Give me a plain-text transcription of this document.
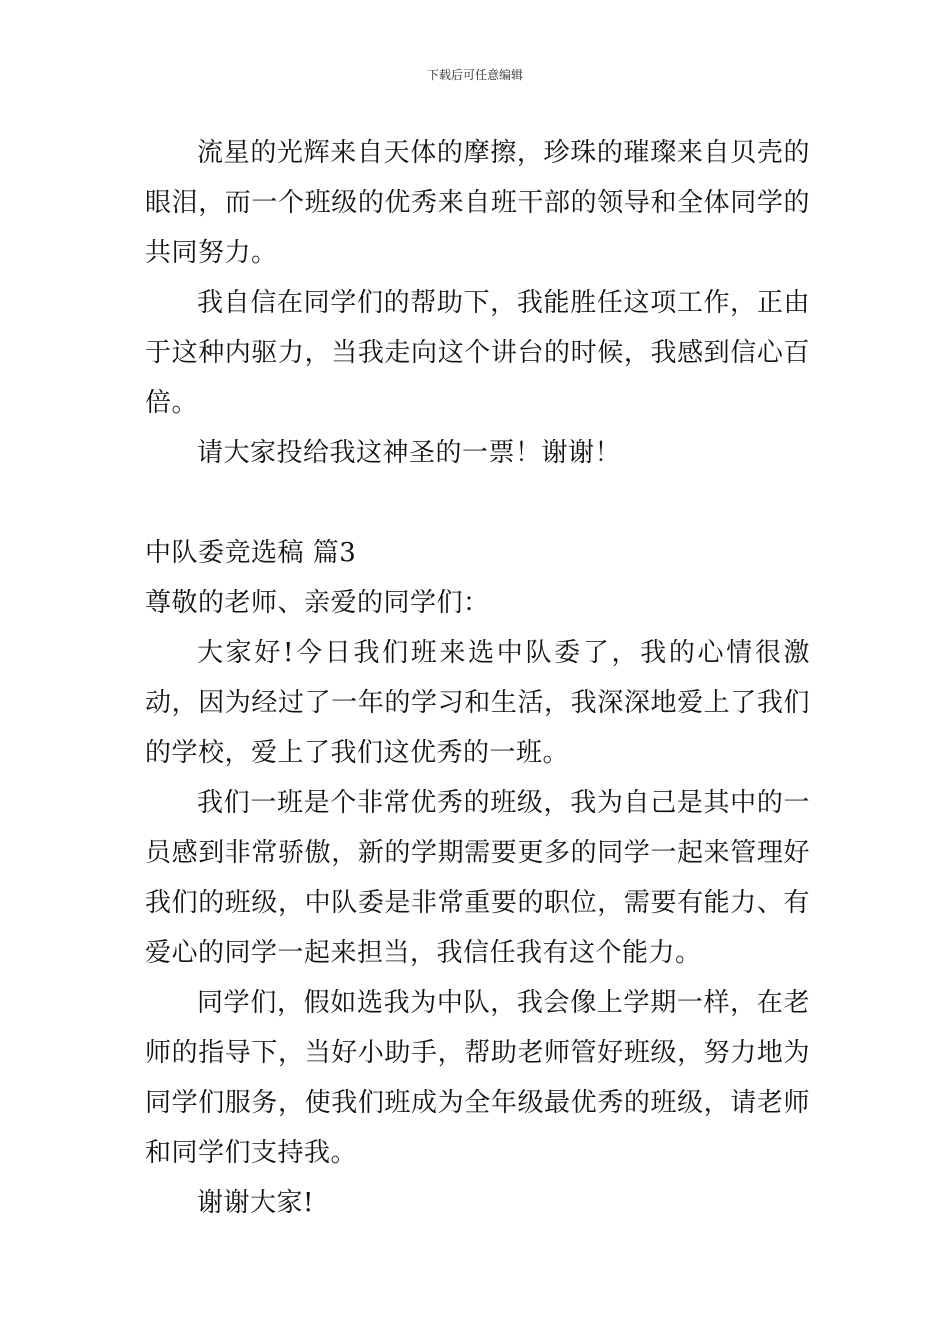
下载后可任意编辑

流星的光辉来自天体的摩擦，珍珠的璀璨来自贝壳的眼泪，而一个班级的优秀来自班干部的领导和全体同学的共同努力。

我自信在同学们的帮助下，我能胜任这项工作，正由于这种内驱力，当我走向这个讲台的时候，我感到信心百倍。

请大家投给我这神圣的一票！谢谢！

中队委竞选稿 篇3

尊敬的老师、亲爱的同学们：

大家好!今日我们班来选中队委了，我的心情很激动，因为经过了一年的学习和生活，我深深地爱上了我们的学校，爱上了我们这优秀的一班。

我们一班是个非常优秀的班级，我为自己是其中的一员感到非常骄傲，新的学期需要更多的同学一起来管理好我们的班级，中队委是非常重要的职位，需要有能力、有爱心的同学一起来担当，我信任我有这个能力。

同学们，假如选我为中队，我会像上学期一样，在老师的指导下，当好小助手，帮助老师管好班级，努力地为同学们服务，使我们班成为全年级最优秀的班级，请老师和同学们支持我。

谢谢大家!
